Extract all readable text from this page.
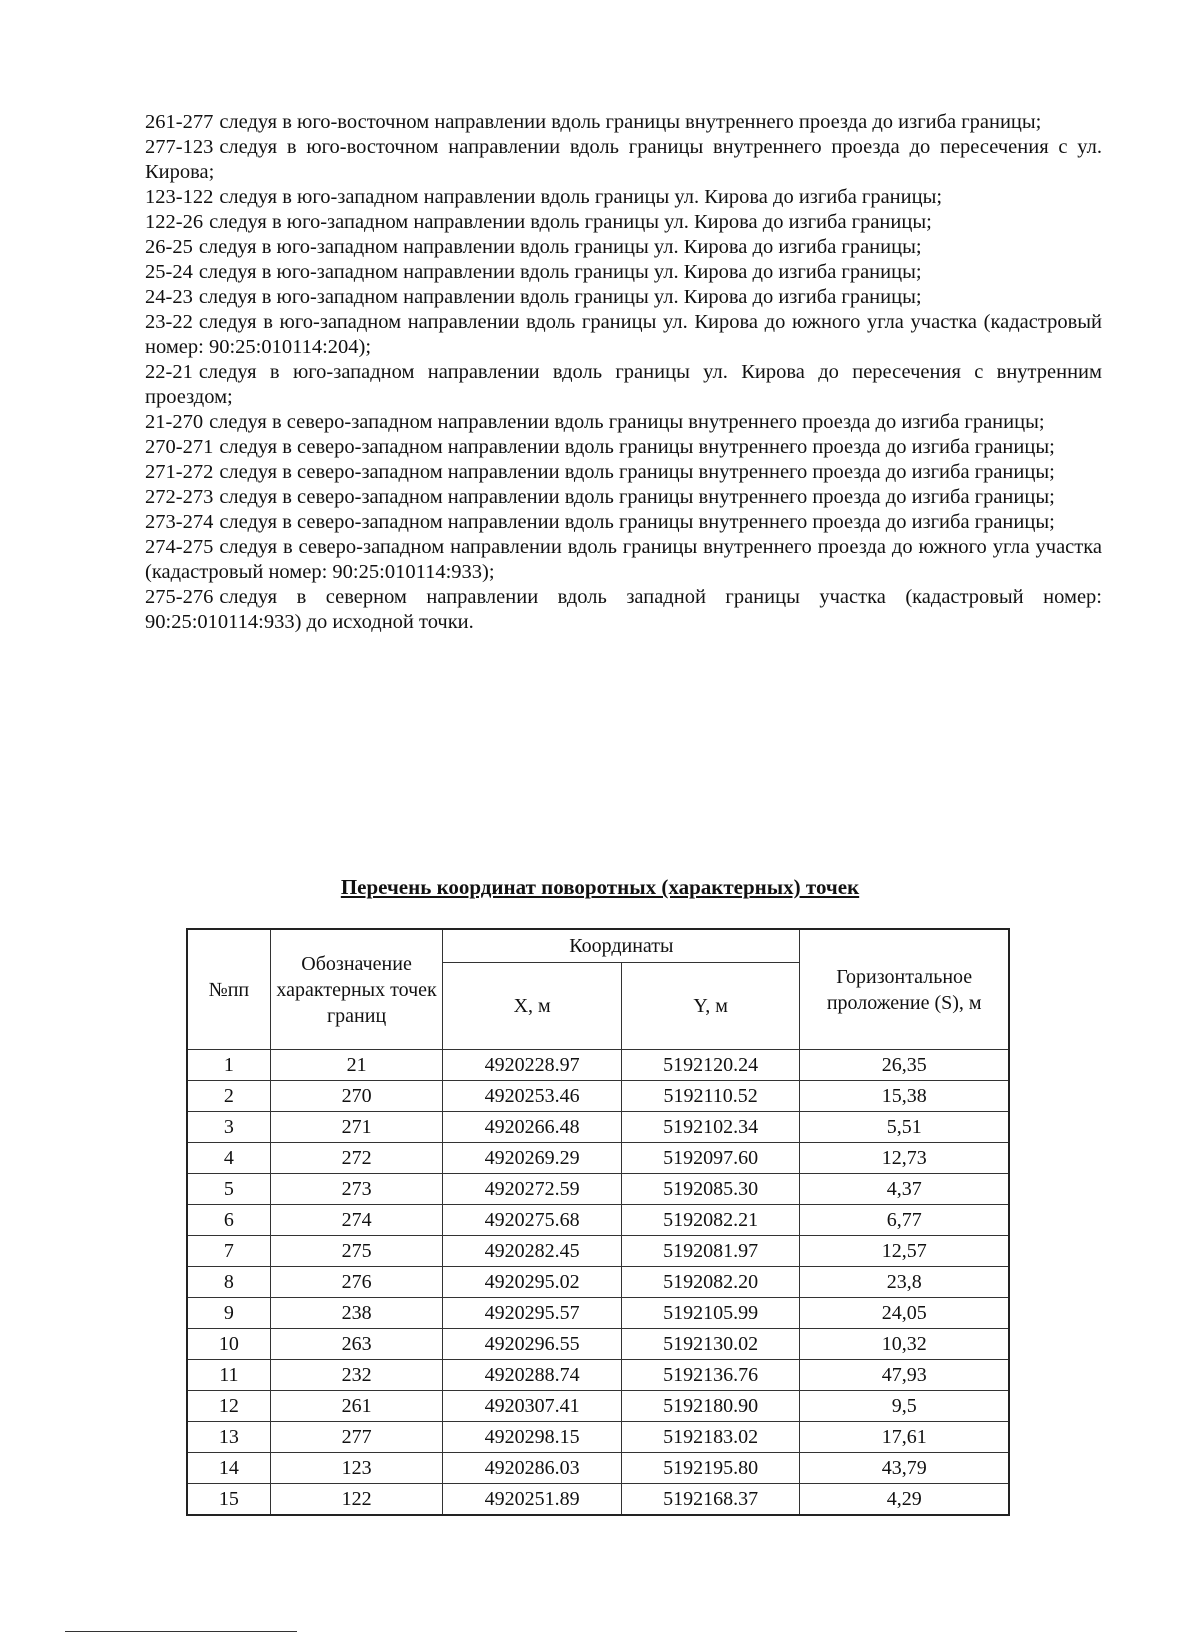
261-277 следуя в юго-восточном направлении вдоль границы внутреннего проезда до изгиба границы;

277-123 следуя в юго-восточном направлении вдоль границы внутреннего проезда до пересечения с ул. Кирова;

123-122 следуя в юго-западном направлении вдоль границы ул. Кирова до изгиба границы;

122-26 следуя в юго-западном направлении вдоль границы ул. Кирова до изгиба границы;

26-25 следуя в юго-западном направлении вдоль границы ул. Кирова до изгиба границы;

25-24 следуя в юго-западном направлении вдоль границы ул. Кирова до изгиба границы;

24-23 следуя в юго-западном направлении вдоль границы ул. Кирова до изгиба границы;

23-22 следуя в юго-западном направлении вдоль границы ул. Кирова до южного угла участка (кадастровый номер: 90:25:010114:204);

22-21 следуя в юго-западном направлении вдоль границы ул. Кирова до пересечения с внутренним проездом;

21-270 следуя в северо-западном направлении вдоль границы внутреннего проезда до изгиба границы;

270-271 следуя в северо-западном направлении вдоль границы внутреннего проезда до изгиба границы;

271-272 следуя в северо-западном направлении вдоль границы внутреннего проезда до изгиба границы;

272-273 следуя в северо-западном направлении вдоль границы внутреннего проезда до изгиба границы;

273-274 следуя в северо-западном направлении вдоль границы внутреннего проезда до изгиба границы;

274-275 следуя в северо-западном направлении вдоль границы внутреннего проезда до южного угла участка (кадастровый номер: 90:25:010114:933);

275-276 следуя в северном направлении вдоль западной границы участка (кадастровый номер: 90:25:010114:933) до исходной точки.

Перечень координат поворотных (характерных) точек
№пп	Обозначение характерных точек границ	Координаты		Горизонтальное проложение (S), м
		X, м	Y, м	
1	21	4920228.97	5192120.24	26,35
2	270	4920253.46	5192110.52	15,38
3	271	4920266.48	5192102.34	5,51
4	272	4920269.29	5192097.60	12,73
5	273	4920272.59	5192085.30	4,37
6	274	4920275.68	5192082.21	6,77
7	275	4920282.45	5192081.97	12,57
8	276	4920295.02	5192082.20	23,8
9	238	4920295.57	5192105.99	24,05
10	263	4920296.55	5192130.02	10,32
11	232	4920288.74	5192136.76	47,93
12	261	4920307.41	5192180.90	9,5
13	277	4920298.15	5192183.02	17,61
14	123	4920286.03	5192195.80	43,79
15	122	4920251.89	5192168.37	4,29
